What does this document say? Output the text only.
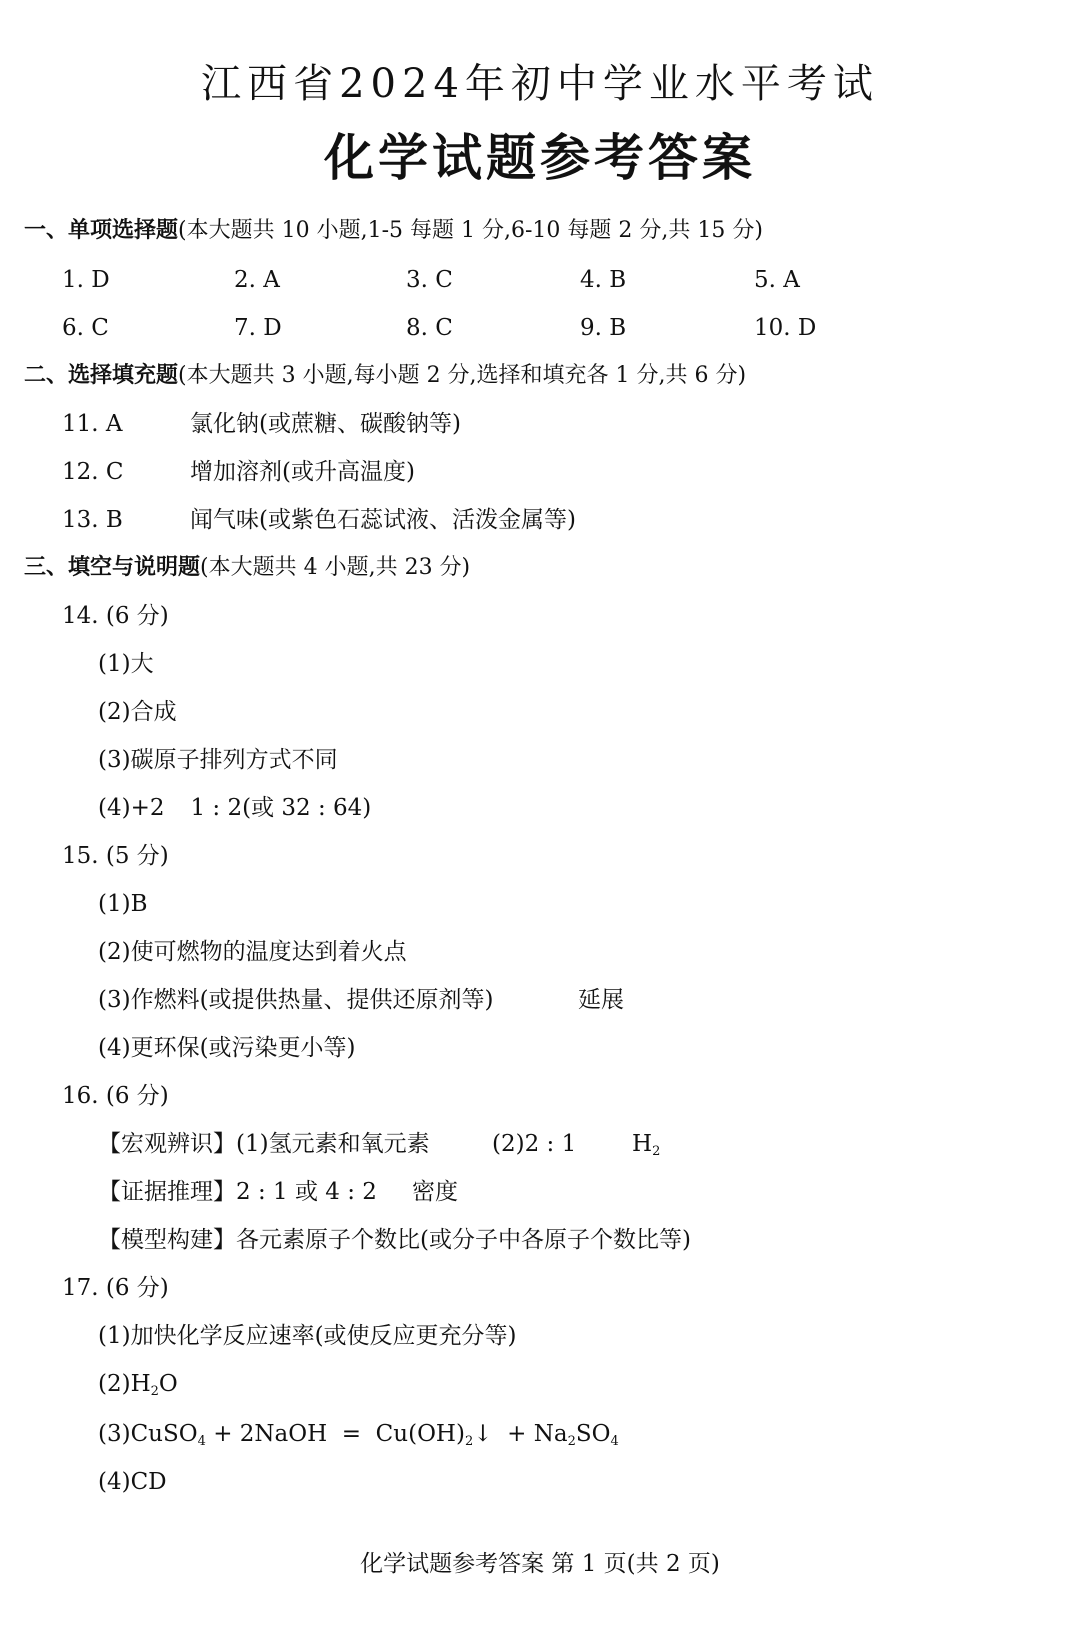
江西省2024年初中学业水平考试
化学试题参考答案
一、单项选择题(本大题共 10 小题,1-5 每题 1 分,6-10 每题 2 分,共 15 分)
1. D	2. A	3. C	4. B	5. A
6. C	7. D	8. C	9. B	10. D
二、选择填充题(本大题共 3 小题,每小题 2 分,选择和填充各 1 分,共 6 分)
11. A	氯化钠(或蔗糖、碳酸钠等)
12. C	增加溶剂(或升高温度)
13. B	闻气味(或紫色石蕊试液、活泼金属等)
三、填空与说明题(本大题共 4 小题,共 23 分)
14. (6 分)
(1)大
(2)合成
(3)碳原子排列方式不同
(4)+2 1 : 2(或 32 : 64)
15. (5 分)
(1)B
(2)使可燃物的温度达到着火点
(3)作燃料(或提供热量、提供还原剂等)	延展
(4)更环保(或污染更小等)
16. (6 分)
【宏观辨识】(1)氢元素和氧元素	(2)2 : 1 $H_2$
【证据推理】2 : 1 或 4 : 2 密度
【模型构建】各元素原子个数比(或分子中各原子个数比等)
17. (6 分)
(1)加快化学反应速率(或使反应更充分等)
$(2)H_2O$
(3)CuSO$_4$ + 2NaOH  =  $Cu(OH)_2↓ + Na_2SO_4$
(4)CD
化学试题参考答案 第 1 页(共 2 页)
